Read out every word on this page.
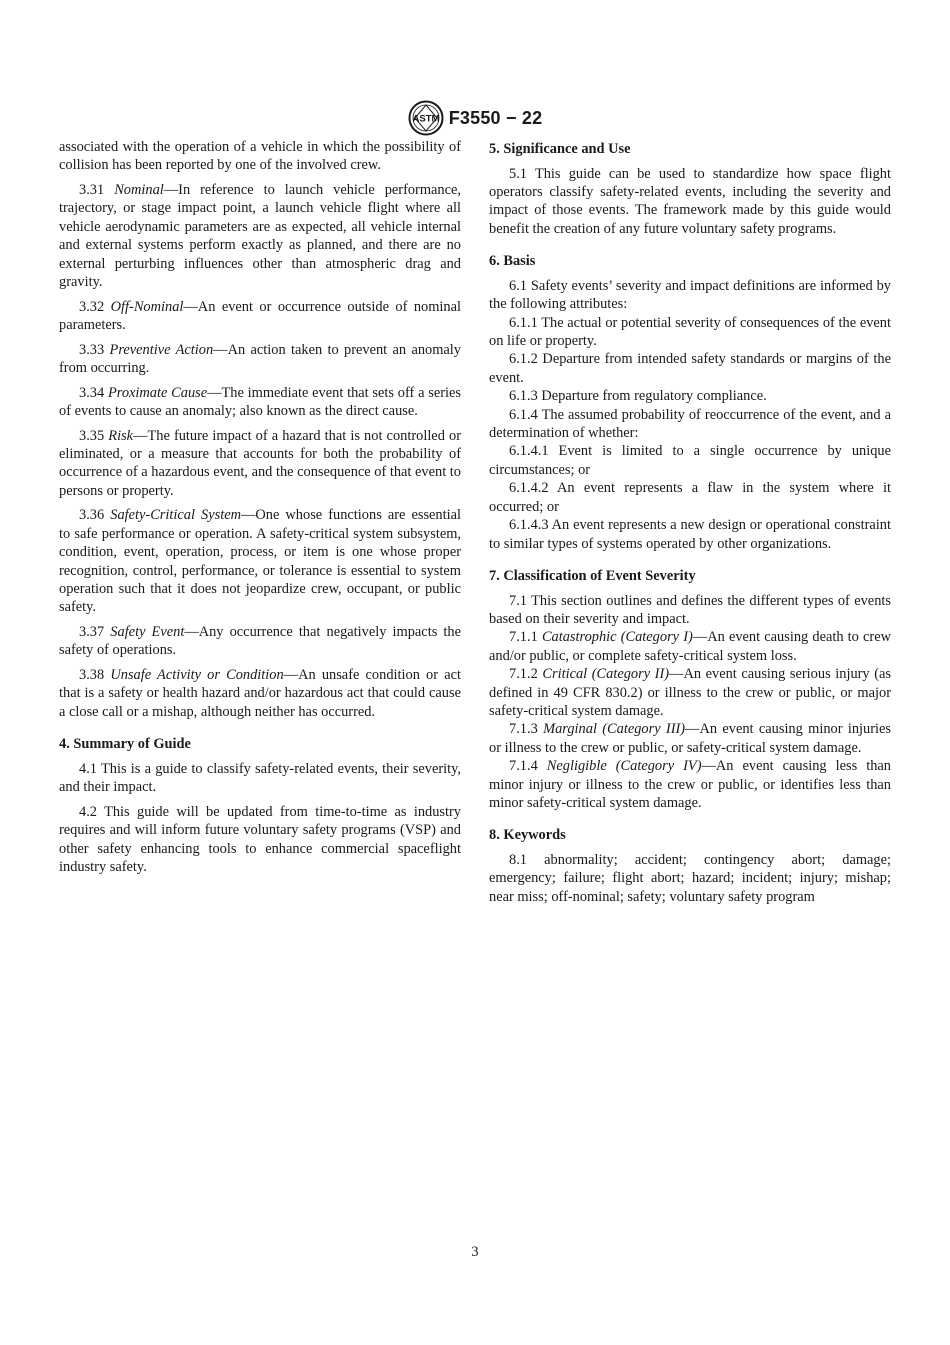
ASTM F3550 − 22

associated with the operation of a vehicle in which the possibility of collision has been reported by one of the involved crew.

3.31 Nominal—In reference to launch vehicle performance, trajectory, or stage impact point, a launch vehicle flight where all vehicle aerodynamic parameters are as expected, all vehicle internal and external systems perform exactly as planned, and there are no external perturbing influences other than atmospheric drag and gravity.

3.32 Off-Nominal—An event or occurrence outside of nominal parameters.

3.33 Preventive Action—An action taken to prevent an anomaly from occurring.

3.34 Proximate Cause—The immediate event that sets off a series of events to cause an anomaly; also known as the direct cause.

3.35 Risk—The future impact of a hazard that is not controlled or eliminated, or a measure that accounts for both the probability of occurrence of a hazardous event, and the consequence of that event to persons or property.

3.36 Safety-Critical System—One whose functions are essential to safe performance or operation. A safety-critical system subsystem, condition, event, operation, process, or item is one whose proper recognition, control, performance, or tolerance is essential to system operation such that it does not jeopardize crew, occupant, or public safety.

3.37 Safety Event—Any occurrence that negatively impacts the safety of operations.

3.38 Unsafe Activity or Condition—An unsafe condition or act that is a safety or health hazard and/or hazardous act that could cause a close call or a mishap, although neither has occurred.

4. Summary of Guide

4.1 This is a guide to classify safety-related events, their severity, and their impact.

4.2 This guide will be updated from time-to-time as industry requires and will inform future voluntary safety programs (VSP) and other safety enhancing tools to enhance commercial spaceflight industry safety.

5. Significance and Use

5.1 This guide can be used to standardize how space flight operators classify safety-related events, including the severity and impact of those events. The framework made by this guide would benefit the creation of any future voluntary safety programs.

6. Basis

6.1 Safety events’ severity and impact definitions are informed by the following attributes:

6.1.1 The actual or potential severity of consequences of the event on life or property.

6.1.2 Departure from intended safety standards or margins of the event.

6.1.3 Departure from regulatory compliance.

6.1.4 The assumed probability of reoccurrence of the event, and a determination of whether:

6.1.4.1 Event is limited to a single occurrence by unique circumstances; or

6.1.4.2 An event represents a flaw in the system where it occurred; or

6.1.4.3 An event represents a new design or operational constraint to similar types of systems operated by other organizations.

7. Classification of Event Severity

7.1 This section outlines and defines the different types of events based on their severity and impact.

7.1.1 Catastrophic (Category I)—An event causing death to crew and/or public, or complete safety-critical system loss.

7.1.2 Critical (Category II)—An event causing serious injury (as defined in 49 CFR 830.2) or illness to the crew or public, or major safety-critical system damage.

7.1.3 Marginal (Category III)—An event causing minor injuries or illness to the crew or public, or safety-critical system damage.

7.1.4 Negligible (Category IV)—An event causing less than minor injury or illness to the crew or public, or identifies less than minor safety-critical system damage.

8. Keywords

8.1 abnormality; accident; contingency abort; damage; emergency; failure; flight abort; hazard; incident; injury; mishap; near miss; off-nominal; safety; voluntary safety program

3
